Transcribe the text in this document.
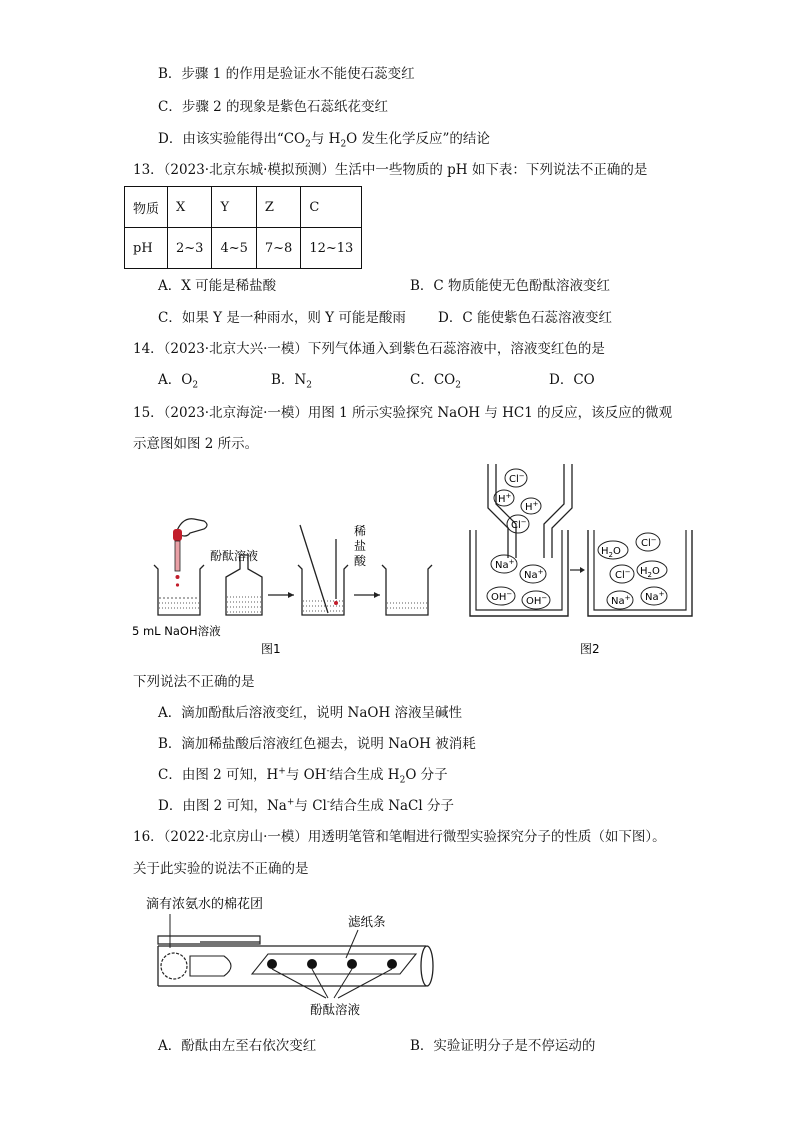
B．步骤 1 的作用是验证水不能使石蕊变红
C．步骤 2 的现象是紫色石蕊纸花变红
D．由该实验能得出“$CO_2$与 $H_2O$ 发生化学反应”的结论
13．（2023·北京东城·模拟预测）生活中一些物质的 pH 如下表：下列说法不正确的是
物质	X	Y	Z	C
pH	2~3	4~5	7~8	12~13
A．X 可能是稀盐酸	B．C 物质能使无色酚酞溶液变红
C．如果 Y 是一种雨水，则 Y 可能是酸雨 D．C 能使紫色石蕊溶液变红
14．（2023·北京大兴·一模）下列气体通入到紫色石蕊溶液中，溶液变红色的是
A．$O_2$	B．$N_2$	C．$CO_2$	D．CO
15．（2023·北京海淀·一模）用图 1 所示实验探究 NaOH 与 HC1 的反应，该反应的微观
示意图如图 2 所示。
酚酞溶液
稀
盐
酸
5 mL NaOH溶液
图1
Cl−
H+
H+
Cl−
Na+
Na+
OH−
OH−
$H_2O$
Cl−
Cl− $H_2O$
Na+ Na+
图2
下列说法不正确的是
A．滴加酚酞后溶液变红，说明 NaOH 溶液呈碱性
B．滴加稀盐酸后溶液红色褪去，说明 NaOH 被消耗
C．由图 2 可知，H+与 OH-结合生成 $H_2O$ 分子
D．由图 2 可知，Na+与 Cl-结合生成 NaCl 分子
16．（2022·北京房山·一模）用透明笔管和笔帽进行微型实验探究分子的性质（如下图）。
关于此实验的说法不正确的是
滴有浓氨水的棉花团
滤纸条
酚酞溶液
A．酚酞由左至右依次变红	B．实验证明分子是不停运动的
